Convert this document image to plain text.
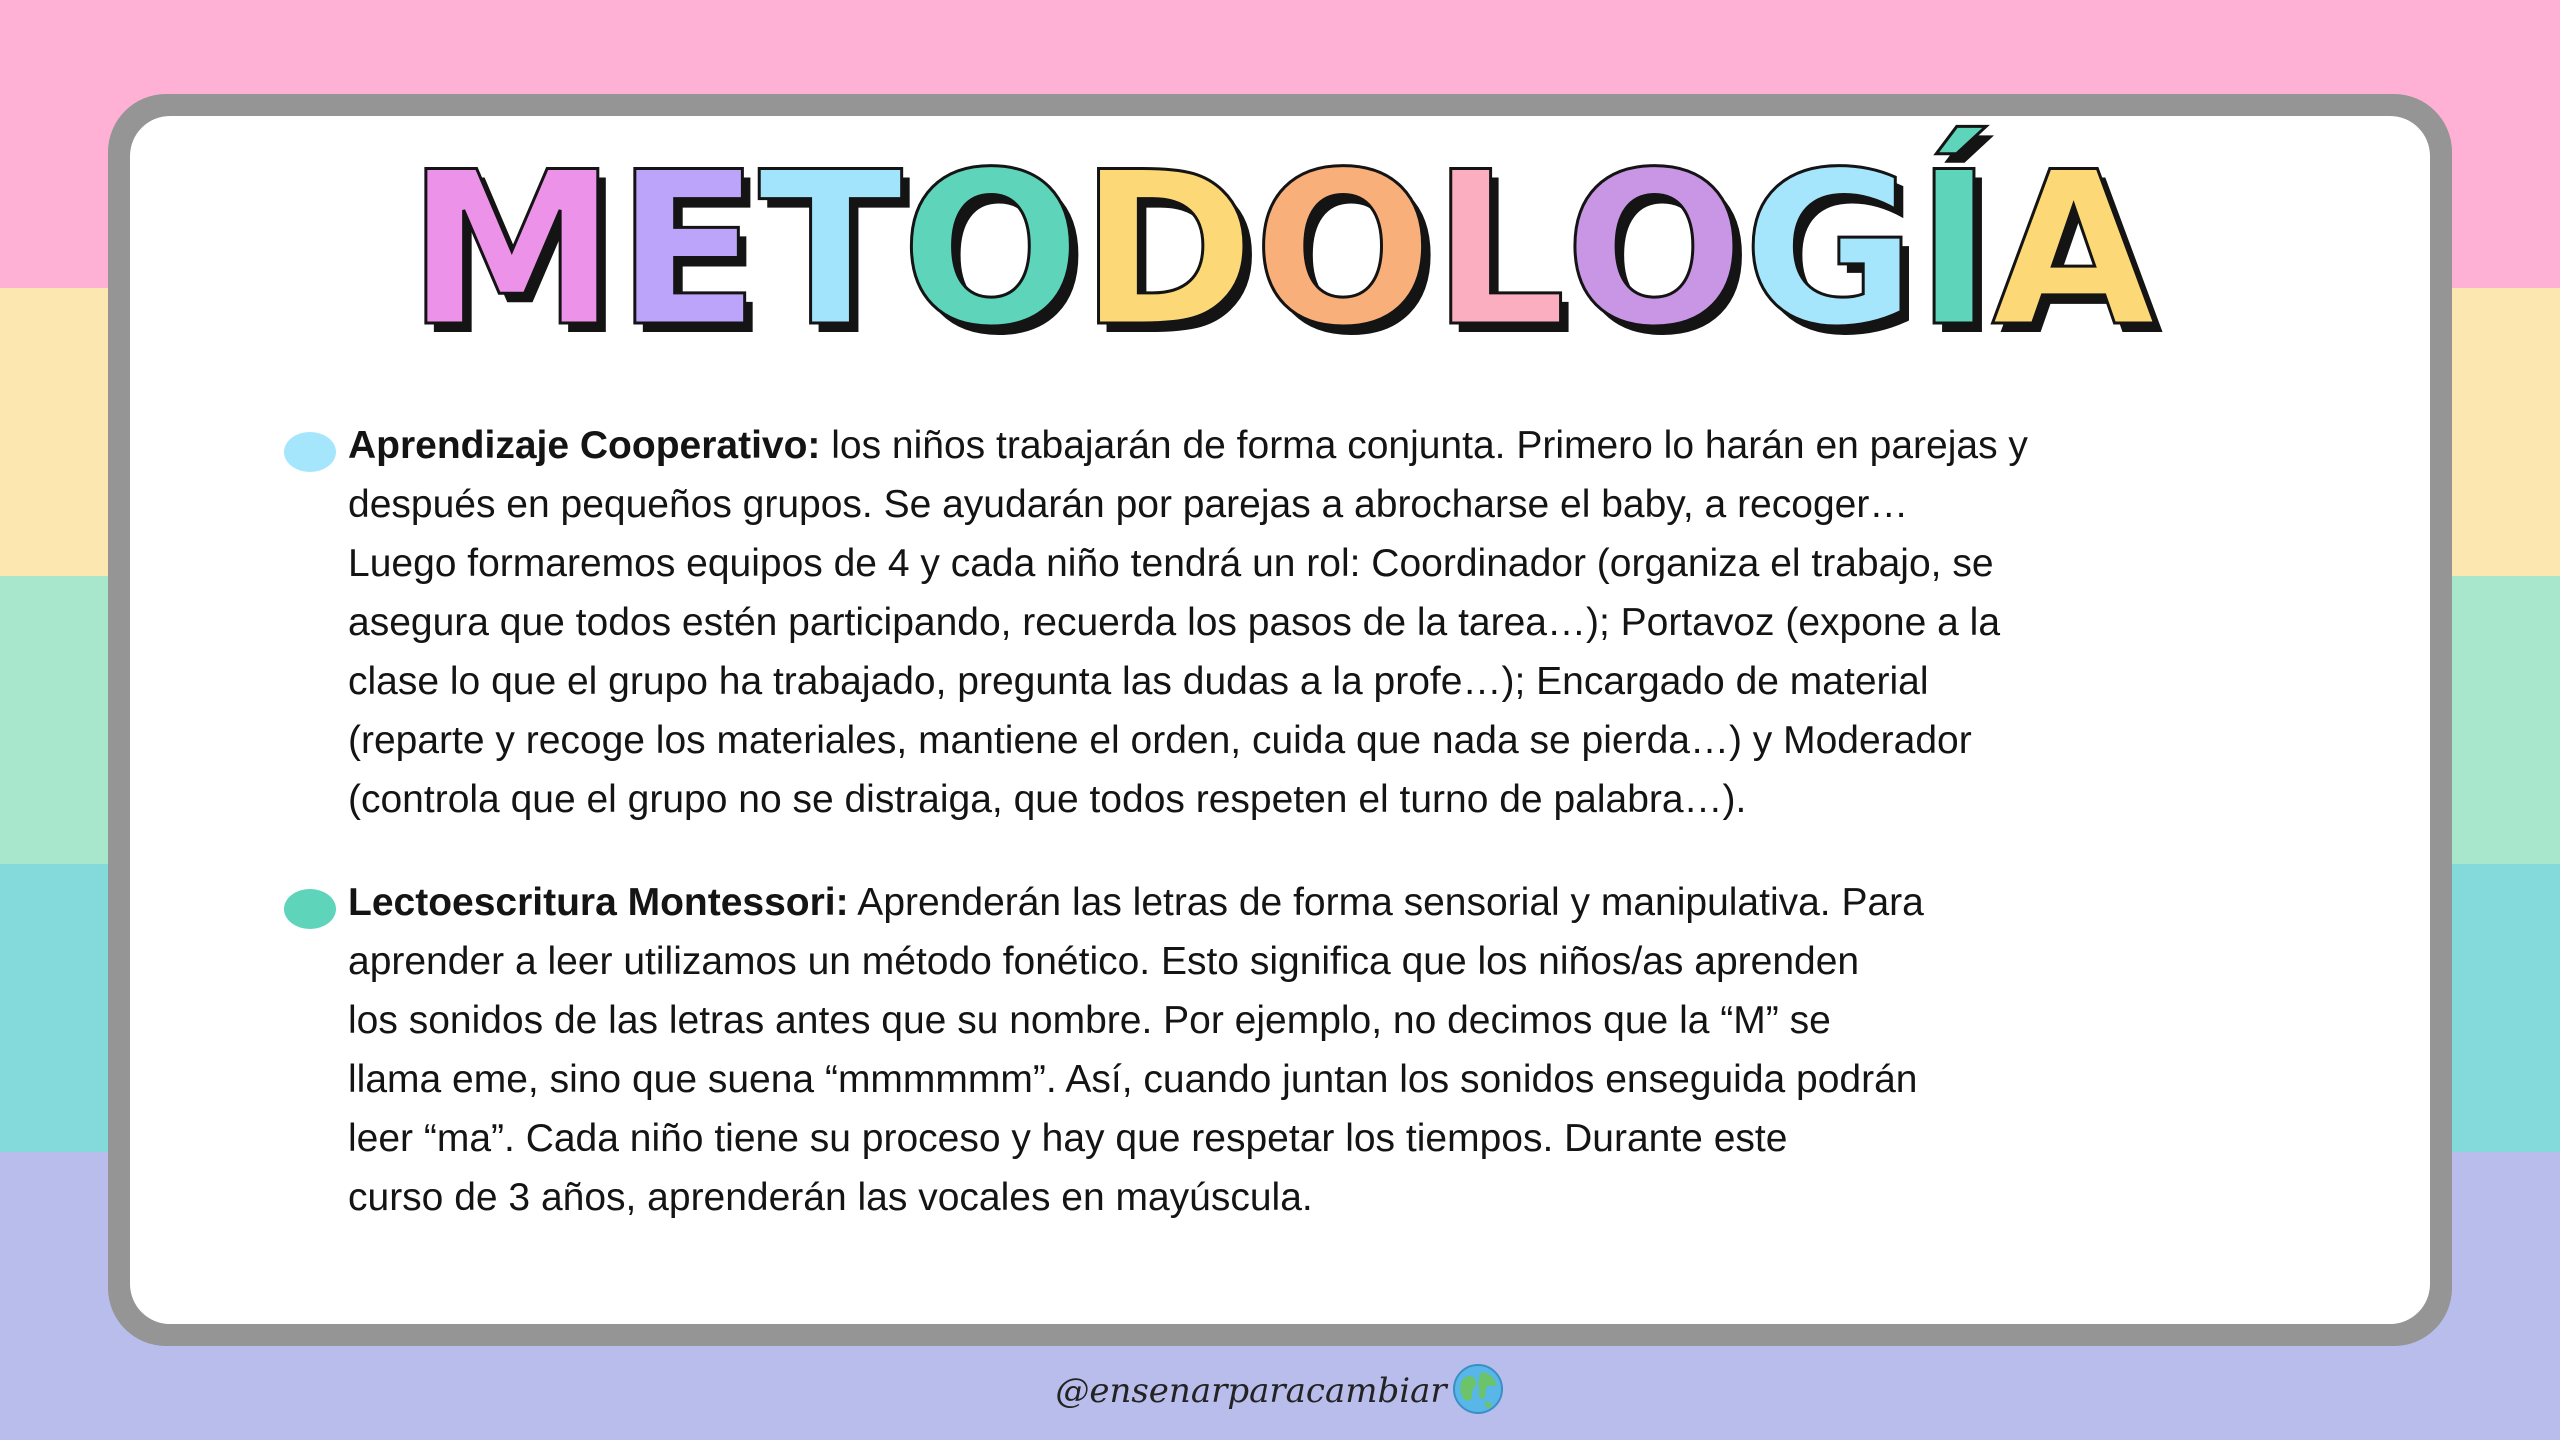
METODOLOGÍA
Aprendizaje Cooperativo: los niños trabajarán de forma conjunta. Primero lo harán en parejas y
después en pequeños grupos. Se ayudarán por parejas a abrocharse el baby, a recoger…
Luego formaremos equipos de 4 y cada niño tendrá un rol: Coordinador (organiza el trabajo, se
asegura que todos estén participando, recuerda los pasos de la tarea…); Portavoz (expone a la
clase lo que el grupo ha trabajado, pregunta las dudas a la profe…); Encargado de material
(reparte y recoge los materiales, mantiene el orden, cuida que nada se pierda…) y Moderador
(controla que el grupo no se distraiga, que todos respeten el turno de palabra…).
Lectoescritura Montessori: Aprenderán las letras de forma sensorial y manipulativa. Para
aprender a leer utilizamos un método fonético. Esto significa que los niños/as aprenden
los sonidos de las letras antes que su nombre. Por ejemplo, no decimos que la “M” se
llama eme, sino que suena “mmmmmm”. Así, cuando juntan los sonidos enseguida podrán
leer “ma”. Cada niño tiene su proceso y hay que respetar los tiempos. Durante este
curso de 3 años, aprenderán las vocales en mayúscula.
@ensenarparacambiar
